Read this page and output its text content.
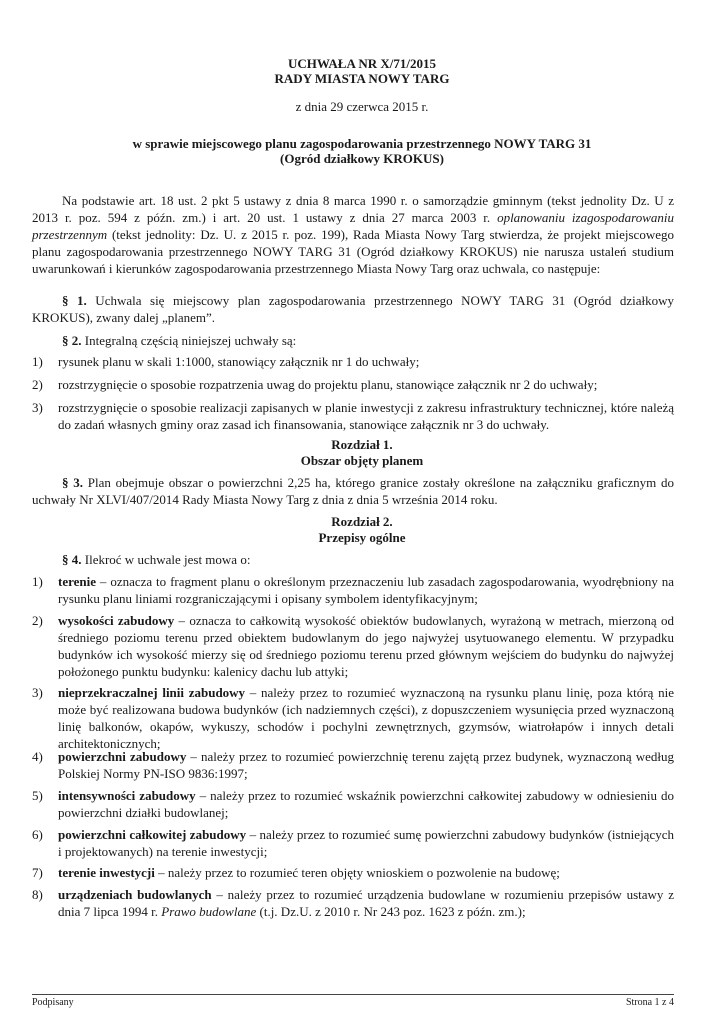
UCHWAŁA NR X/71/2015
RADY MIASTA NOWY TARG
z dnia 29 czerwca 2015 r.
w sprawie miejscowego planu zagospodarowania przestrzennego NOWY TARG 31
(Ogród działkowy KROKUS)
Na podstawie art. 18 ust. 2 pkt 5 ustawy z dnia 8 marca 1990 r. o samorządzie gminnym (tekst jednolity Dz. U z 2013 r. poz. 594 z późn. zm.) i art. 20 ust. 1 ustawy z dnia 27 marca 2003 r. oplanowaniu izagospodarowaniu przestrzennym (tekst jednolity: Dz. U. z 2015 r. poz. 199), Rada Miasta Nowy Targ stwierdza, że projekt miejscowego planu zagospodarowania przestrzennego NOWY TARG 31 (Ogród działkowy KROKUS) nie narusza ustaleń studium uwarunkowań i kierunków zagospodarowania przestrzennego Miasta Nowy Targ oraz uchwala, co następuje:
§ 1. Uchwala się miejscowy plan zagospodarowania przestrzennego NOWY TARG 31 (Ogród działkowy KROKUS), zwany dalej „planem”.
§ 2. Integralną częścią niniejszej uchwały są:
1)	rysunek planu w skali 1:1000, stanowiący załącznik nr 1 do uchwały;
2)	rozstrzygnięcie o sposobie rozpatrzenia uwag do projektu planu, stanowiące załącznik nr 2 do uchwały;
3)	rozstrzygnięcie o sposobie realizacji zapisanych w planie inwestycji z zakresu infrastruktury technicznej, które należą do zadań własnych gminy oraz zasad ich finansowania, stanowiące załącznik nr 3 do uchwały.
Rozdział 1.
Obszar objęty planem
§ 3. Plan obejmuje obszar o powierzchni 2,25 ha, którego granice zostały określone na załączniku graficznym do uchwały Nr XLVI/407/2014 Rady Miasta Nowy Targ z dnia z dnia 5 września 2014 roku.
Rozdział 2.
Przepisy ogólne
§ 4. Ilekroć w uchwale jest mowa o:
1)	terenie – oznacza to fragment planu o określonym przeznaczeniu lub zasadach zagospodarowania, wyodrębniony na rysunku planu liniami rozgraniczającymi i opisany symbolem identyfikacyjnym;
2)	wysokości zabudowy – oznacza to całkowitą wysokość obiektów budowlanych, wyrażoną w metrach, mierzoną od średniego poziomu terenu przed obiektem budowlanym do jego najwyżej usytuowanego elementu. W przypadku budynków ich wysokość mierzy się od średniego poziomu terenu przed głównym wejściem do budynku do najwyżej położonego punktu budynku: kalenicy dachu lub attyki;
3)	nieprzekraczalnej linii zabudowy – należy przez to rozumieć wyznaczoną na rysunku planu linię, poza którą nie może być realizowana budowa budynków (ich nadziemnych części), z dopuszczeniem wysunięcia przed wyznaczoną linię balkonów, okapów, wykuszy, schodów i pochylni zewnętrznych, gzymsów, wiatrołapów i innych detali architektonicznych;
4)	powierzchni zabudowy – należy przez to rozumieć powierzchnię terenu zajętą przez budynek, wyznaczoną według Polskiej Normy PN-ISO 9836:1997;
5)	intensywności zabudowy – należy przez to rozumieć wskaźnik powierzchni całkowitej zabudowy w odniesieniu do powierzchni działki budowlanej;
6)	powierzchni całkowitej zabudowy – należy przez to rozumieć sumę powierzchni zabudowy budynków (istniejących i projektowanych) na terenie inwestycji;
7)	terenie inwestycji – należy przez to rozumieć teren objęty wnioskiem o pozwolenie na budowę;
8)	urządzeniach budowlanych – należy przez to rozumieć urządzenia budowlane w rozumieniu przepisów ustawy z dnia 7 lipca 1994 r. Prawo budowlane (t.j. Dz.U. z 2010 r. Nr 243 poz. 1623 z późn. zm.);
Podpisany	Strona 1 z 4
